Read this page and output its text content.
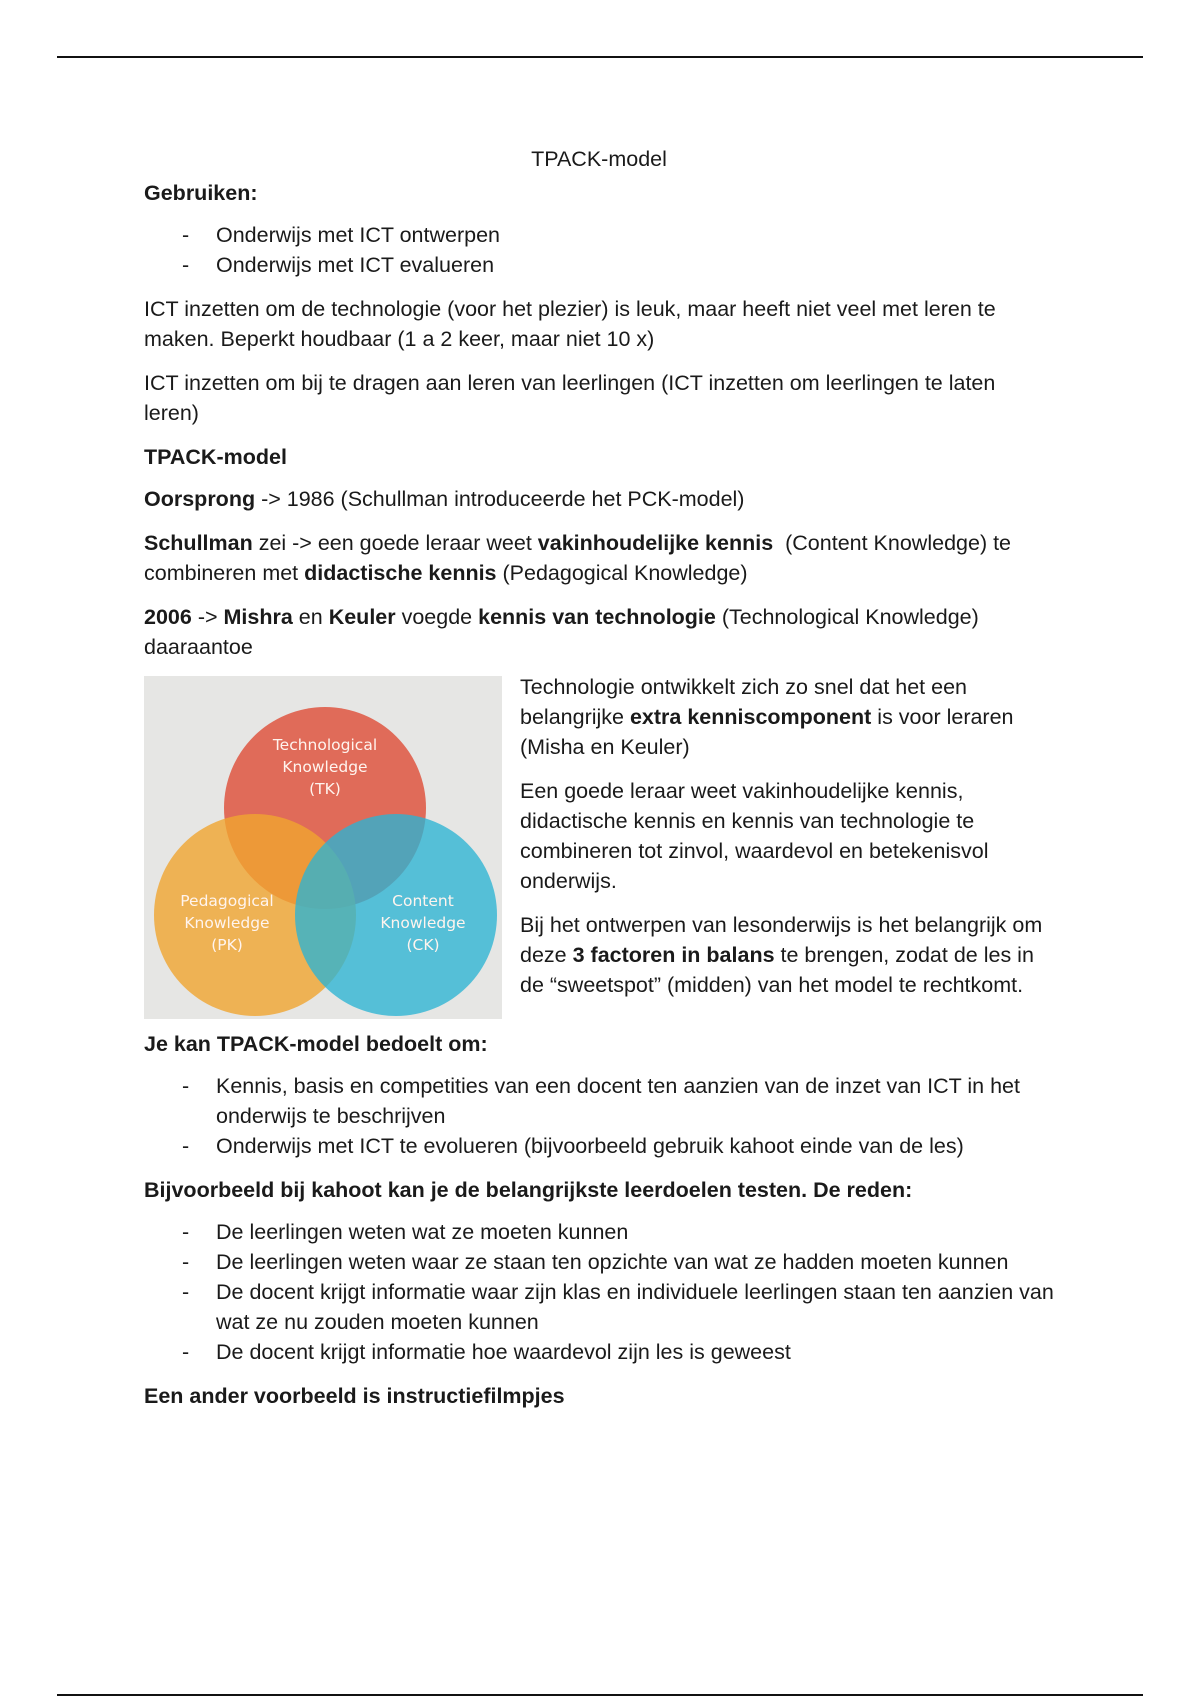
TPACK-model
Gebruiken:
- Onderwijs met ICT ontwerpen
- Onderwijs met ICT evalueren

ICT inzetten om de technologie (voor het plezier) is leuk, maar heeft niet veel met leren te maken. Beperkt houdbaar (1 a 2 keer, maar niet 10 x)

ICT inzetten om bij te dragen aan leren van leerlingen (ICT inzetten om leerlingen te laten leren)

TPACK-model

Oorsprong -> 1986 (Schullman introduceerde het PCK-model)

Schullman zei -> een goede leraar weet vakinhoudelijke kennis  (Content Knowledge) te combineren met didactische kennis (Pedagogical Knowledge)

2006 -> Mishra en Keuler voegde kennis van technologie (Technological Knowledge) daaraantoe

Technological
Knowledge
(TK)
Pedagogical
Knowledge
(PK)
Content
Knowledge
(CK)

Technologie ontwikkelt zich zo snel dat het een belangrijke extra kenniscomponent is voor leraren (Misha en Keuler)

Een goede leraar weet vakinhoudelijke kennis, didactische kennis en kennis van technologie te combineren tot zinvol, waardevol en betekenisvol onderwijs.

Bij het ontwerpen van lesonderwijs is het belangrijk om deze 3 factoren in balans te brengen, zodat de les in de “sweetspot” (midden) van het model te rechtkomt.

Je kan TPACK-model bedoelt om:
- Kennis, basis en competities van een docent ten aanzien van de inzet van ICT in het onderwijs te beschrijven
- Onderwijs met ICT te evolueren (bijvoorbeeld gebruik kahoot einde van de les)
Bijvoorbeeld bij kahoot kan je de belangrijkste leerdoelen testen. De reden:
- De leerlingen weten wat ze moeten kunnen
- De leerlingen weten waar ze staan ten opzichte van wat ze hadden moeten kunnen
- De docent krijgt informatie waar zijn klas en individuele leerlingen staan ten aanzien van wat ze nu zouden moeten kunnen
- De docent krijgt informatie hoe waardevol zijn les is geweest
Een ander voorbeeld is instructiefilmpjes
